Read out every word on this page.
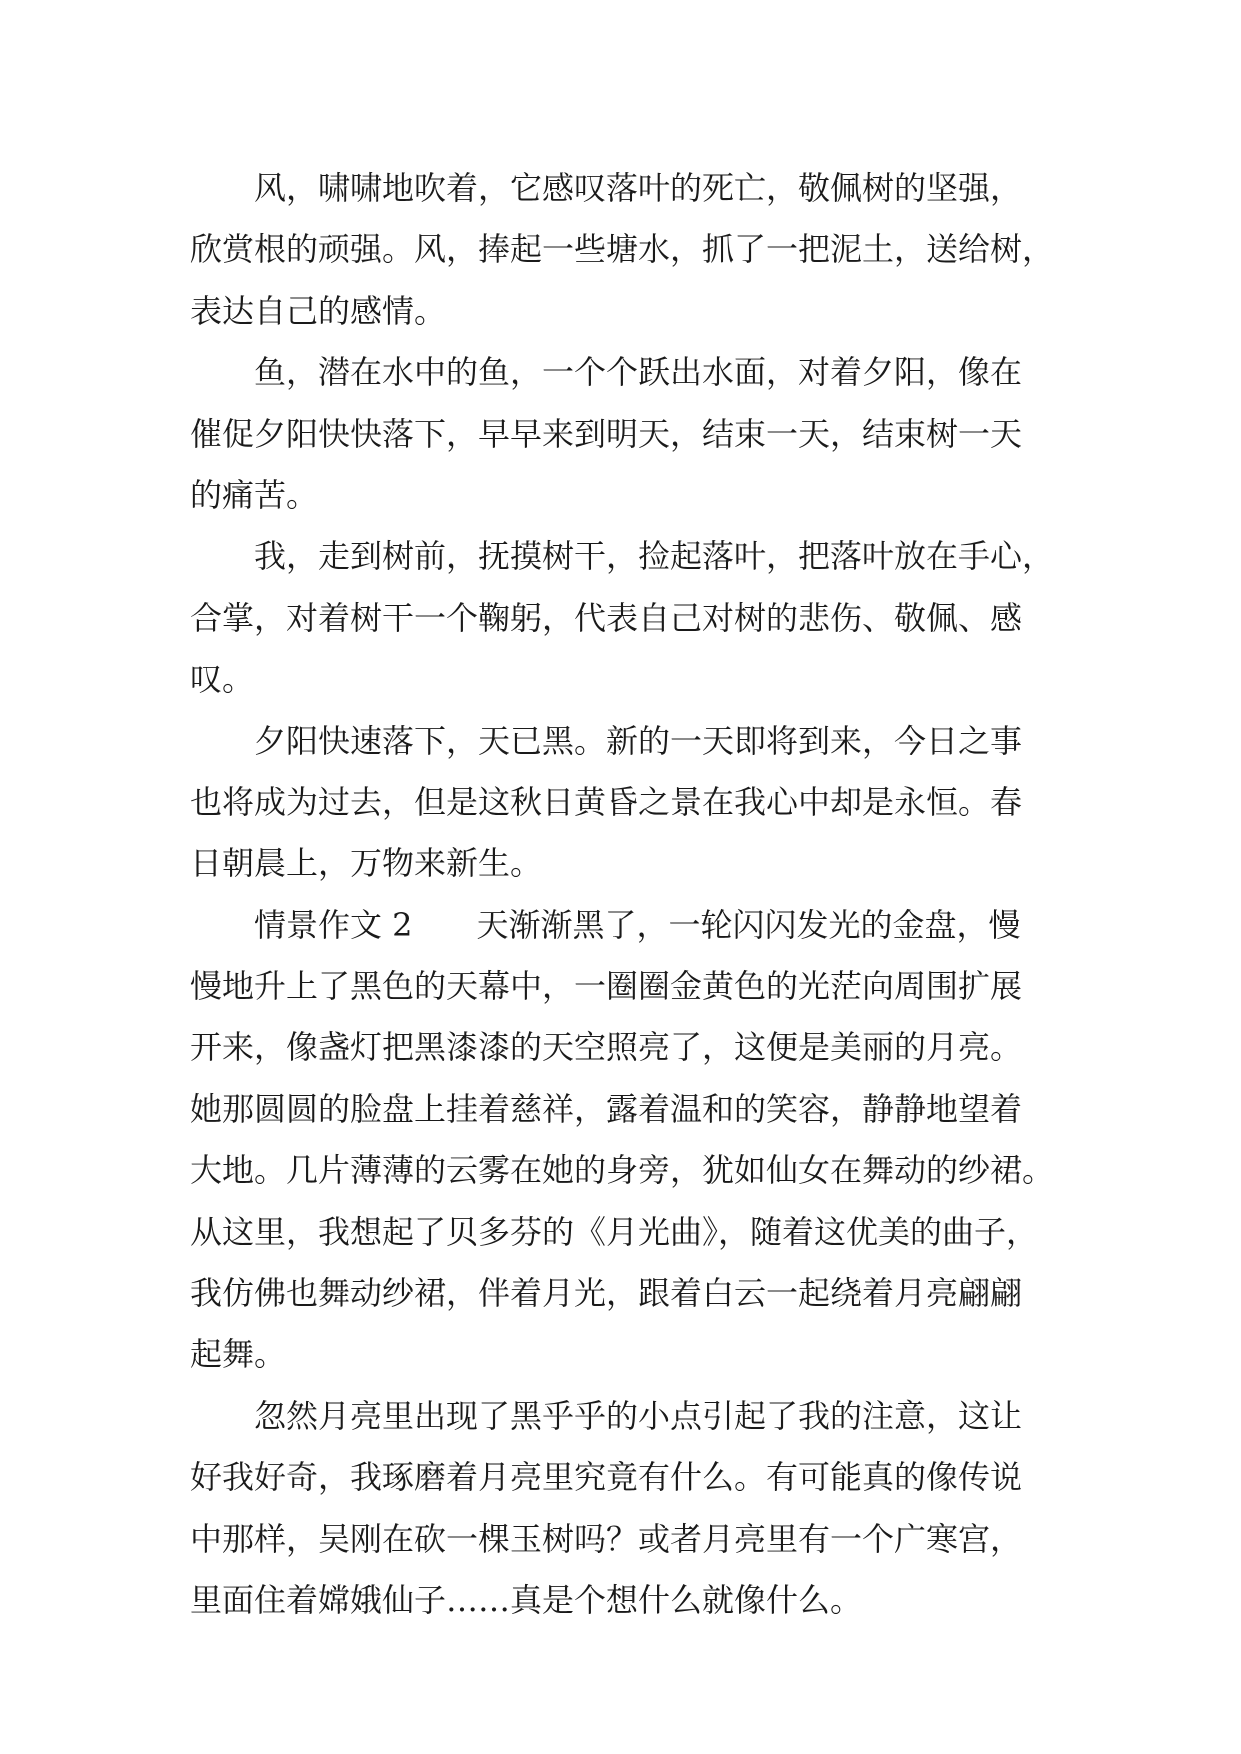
　　风，啸啸地吹着，它感叹落叶的死亡，敬佩树的坚强，
欣赏根的顽强。风，捧起一些塘水，抓了一把泥土，送给树，
表达自己的感情。
　　鱼，潜在水中的鱼，一个个跃出水面，对着夕阳，像在
催促夕阳快快落下，早早来到明天，结束一天，结束树一天
的痛苦。
　　我，走到树前，抚摸树干，捡起落叶，把落叶放在手心，
合掌，对着树干一个鞠躬，代表自己对树的悲伤、敬佩、感
叹。
　　夕阳快速落下，天已黑。新的一天即将到来，今日之事
也将成为过去，但是这秋日黄昏之景在我心中却是永恒。春
日朝晨上，万物来新生。
　　情景作文 2　　天渐渐黑了，一轮闪闪发光的金盘，慢
慢地升上了黑色的天幕中，一圈圈金黄色的光茫向周围扩展
开来，像盏灯把黑漆漆的天空照亮了，这便是美丽的月亮。
她那圆圆的脸盘上挂着慈祥，露着温和的笑容，静静地望着
大地。几片薄薄的云雾在她的身旁，犹如仙女在舞动的纱裙。
从这里，我想起了贝多芬的《月光曲》，随着这优美的曲子，
我仿佛也舞动纱裙，伴着月光，跟着白云一起绕着月亮翩翩
起舞。
　　忽然月亮里出现了黑乎乎的小点引起了我的注意，这让
好我好奇，我琢磨着月亮里究竟有什么。有可能真的像传说
中那样，吴刚在砍一棵玉树吗？或者月亮里有一个广寒宫，
里面住着嫦娥仙子……真是个想什么就像什么。
